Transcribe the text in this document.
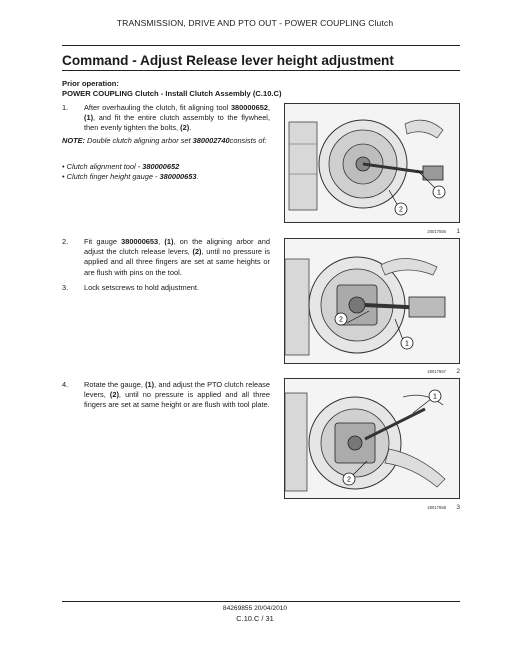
TRANSMISSION, DRIVE AND PTO OUT - POWER COUPLING Clutch
Command - Adjust Release lever height adjustment
Prior operation:
POWER COUPLING Clutch - Install Clutch Assembly (C.10.C)
1. After overhauling the clutch, fit aligning tool 380000652, (1), and fit the entire clutch assembly to the flywheel, then evenly tighten the bolts, (2).
NOTE: Double clutch aligning arbor set 380002740consists of:
• Clutch alignment tool - 380000652
• Clutch finger height gauge - 380000653.
2. Fit gauge 380000653, (1), on the aligning arbor and adjust the clutch release levers, (2), until no pressure is applied and all three fingers are set at same heights or are flush with pins on the tool.
3. Lock setscrews to hold adjustment.
4. Rotate the gauge, (1), and adjust the PTO clutch release levers, (2), until no pressure is applied and all three fingers are set at same height or are flush with tool plate.
1
2
20017556 1
2
1
20017557 2
1
2
20017558 3
84269855 20/04/2010
C.10.C / 31
